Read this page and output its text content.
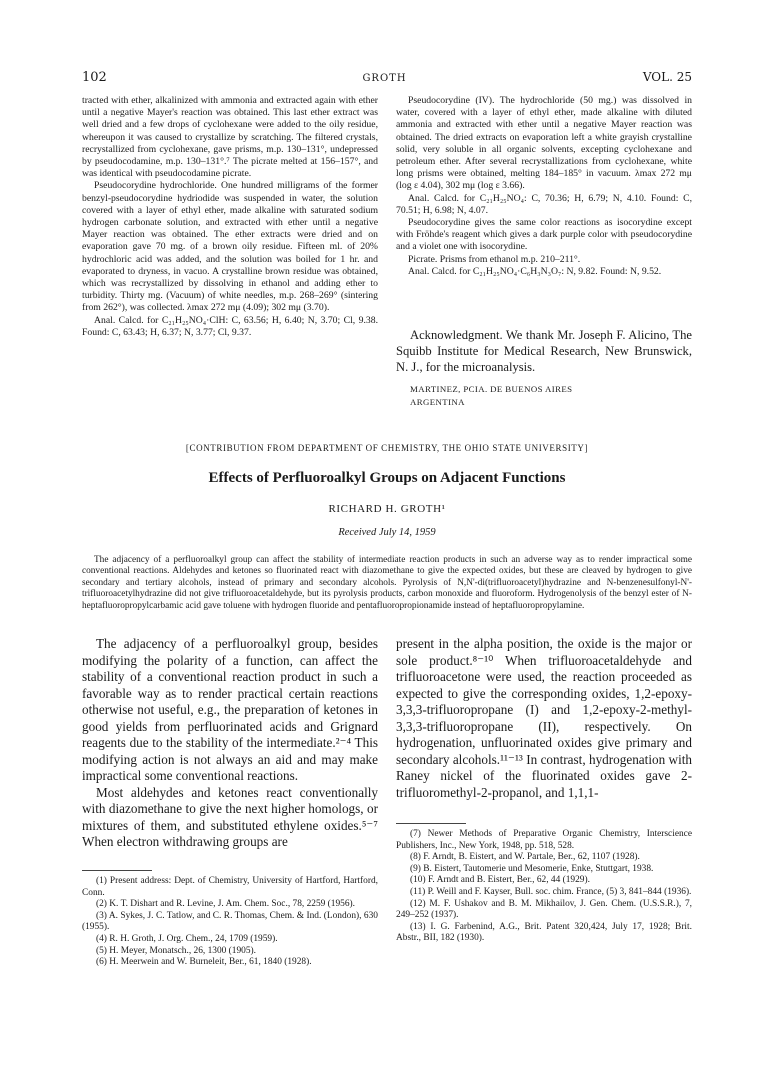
102	GROTH	VOL. 25

tracted with ether, alkalinized with ammonia and extracted again with ether until a negative Mayer's reaction was obtained. This last ether extract was well dried and a few drops of cyclohexane were added to the oily residue, whereupon it was caused to crystallize by scratching. The filtered crystals, recrystallized from cyclohexane, gave prisms, m.p. 130–131°, undepressed by pseudocodamine, m.p. 130–131°.⁷ The picrate melted at 156–157°, and was identical with pseudocodamine picrate.

Pseudocorydine hydrochloride. One hundred milligrams of the former benzyl-pseudocorydine hydriodide was suspended in water, the solution covered with a layer of ethyl ether, made alkaline with saturated sodium hydrogen carbonate solution, and extracted with ether until a negative Mayer reaction was obtained. The ether extracts were dried and on evaporation gave 70 mg. of a brown oily residue. Fifteen ml. of 20% hydrochloric acid was added, and the solution was boiled for 1 hr. and evaporated to dryness, in vacuo. A crystalline brown residue was obtained, which was recrystallized by dissolving in ethanol and adding ether to turbidity. Thirty mg. (Vacuum) of white needles, m.p. 268–269° (sintering from 262°), was collected. λmax 272 mμ (4.09); 302 mμ (3.70).

Anal. Calcd. for C₂₁H₂₅NO₄·ClH: C, 63.56; H, 6.40; N, 3.70; Cl, 9.38. Found: C, 63.43; H, 6.37; N, 3.77; Cl, 9.37.

Pseudocorydine (IV). The hydrochloride (50 mg.) was dissolved in water, covered with a layer of ethyl ether, made alkaline with diluted ammonia and extracted with ether until a negative Mayer reaction was obtained. The dried extracts on evaporation left a white grayish crystalline solid, very soluble in all organic solvents, excepting cyclohexane and petroleum ether. After several recrystallizations from cyclohexane, white long prisms were obtained, melting 184–185° in vacuum. λmax 272 mμ (log ε 4.04), 302 mμ (log ε 3.66).

Anal. Calcd. for C₂₁H₂₅NO₄: C, 70.36; H, 6.79; N, 4.10. Found: C, 70.51; H, 6.98; N, 4.07.

Pseudocorydine gives the same color reactions as isocorydine except with Fröhde's reagent which gives a dark purple color with pseudocorydine and a violet one with isocorydine.

Picrate. Prisms from ethanol m.p. 210–211°.

Anal. Calcd. for C₂₁H₂₅NO₄·C₆H₃N₃O₇: N, 9.82. Found: N, 9.52.

Acknowledgment. We thank Mr. Joseph F. Alicino, The Squibb Institute for Medical Research, New Brunswick, N. J., for the microanalysis.

MARTINEZ, PCIA. DE BUENOS AIRES
ARGENTINA
[CONTRIBUTION FROM DEPARTMENT OF CHEMISTRY, THE OHIO STATE UNIVERSITY]
Effects of Perfluoroalkyl Groups on Adjacent Functions
RICHARD H. GROTH¹
Received July 14, 1959

The adjacency of a perfluoroalkyl group can affect the stability of intermediate reaction products in such an adverse way as to render impractical some conventional reactions. Aldehydes and ketones so fluorinated react with diazomethane to give the expected oxides, but these are cleaved by hydrogen to give secondary and tertiary alcohols, instead of primary and secondary alcohols. Pyrolysis of N,N'-di(trifluoroacetyl)hydrazine and N-benzenesulfonyl-N'-trifluoroacetylhydrazine did not give trifluoroacetaldehyde, but its pyrolysis products, carbon monoxide and fluoroform. Hydrogenolysis of the benzyl ester of N-heptafluoropropylcarbamic acid gave toluene with hydrogen fluoride and pentafluoropropionamide instead of heptafluoropropylamine.

The adjacency of a perfluoroalkyl group, besides modifying the polarity of a function, can affect the stability of a conventional reaction product in such a favorable way as to render practical certain reactions otherwise not useful, e.g., the preparation of ketones in good yields from perfluorinated acids and Grignard reagents due to the stability of the intermediate.²⁻⁴ This modifying action is not always an aid and may make impractical some conventional reactions.

Most aldehydes and ketones react conventionally with diazomethane to give the next higher homologs, or mixtures of them, and substituted ethylene oxides.⁵⁻⁷ When electron withdrawing groups are

present in the alpha position, the oxide is the major or sole product.⁸⁻¹⁰ When trifluoroacetaldehyde and trifluoroacetone were used, the reaction proceeded as expected to give the corresponding oxides, 1,2-epoxy-3,3,3-trifluoropropane (I) and 1,2-epoxy-2-methyl-3,3,3-trifluoropropane (II), respectively. On hydrogenation, unfluorinated oxides give primary and secondary alcohols.¹¹⁻¹³ In contrast, hydrogenation with Raney nickel of the fluorinated oxides gave 2-trifluoromethyl-2-propanol, and 1,1,1-

(1) Present address: Dept. of Chemistry, University of Hartford, Hartford, Conn.

(2) K. T. Dishart and R. Levine, J. Am. Chem. Soc., 78, 2259 (1956).

(3) A. Sykes, J. C. Tatlow, and C. R. Thomas, Chem. & Ind. (London), 630 (1955).

(4) R. H. Groth, J. Org. Chem., 24, 1709 (1959).

(5) H. Meyer, Monatsch., 26, 1300 (1905).

(6) H. Meerwein and W. Burneleit, Ber., 61, 1840 (1928).

(7) Newer Methods of Preparative Organic Chemistry, Interscience Publishers, Inc., New York, 1948, pp. 518, 528.

(8) F. Arndt, B. Eistert, and W. Partale, Ber., 62, 1107 (1928).

(9) B. Eistert, Tautomerie und Mesomerie, Enke, Stuttgart, 1938.

(10) F. Arndt and B. Eistert, Ber., 62, 44 (1929).

(11) P. Weill and F. Kayser, Bull. soc. chim. France, (5) 3, 841–844 (1936).

(12) M. F. Ushakov and B. M. Mikhailov, J. Gen. Chem. (U.S.S.R.), 7, 249–252 (1937).

(13) I. G. Farbenind, A.G., Brit. Patent 320,424, July 17, 1928; Brit. Abstr., BII, 182 (1930).
